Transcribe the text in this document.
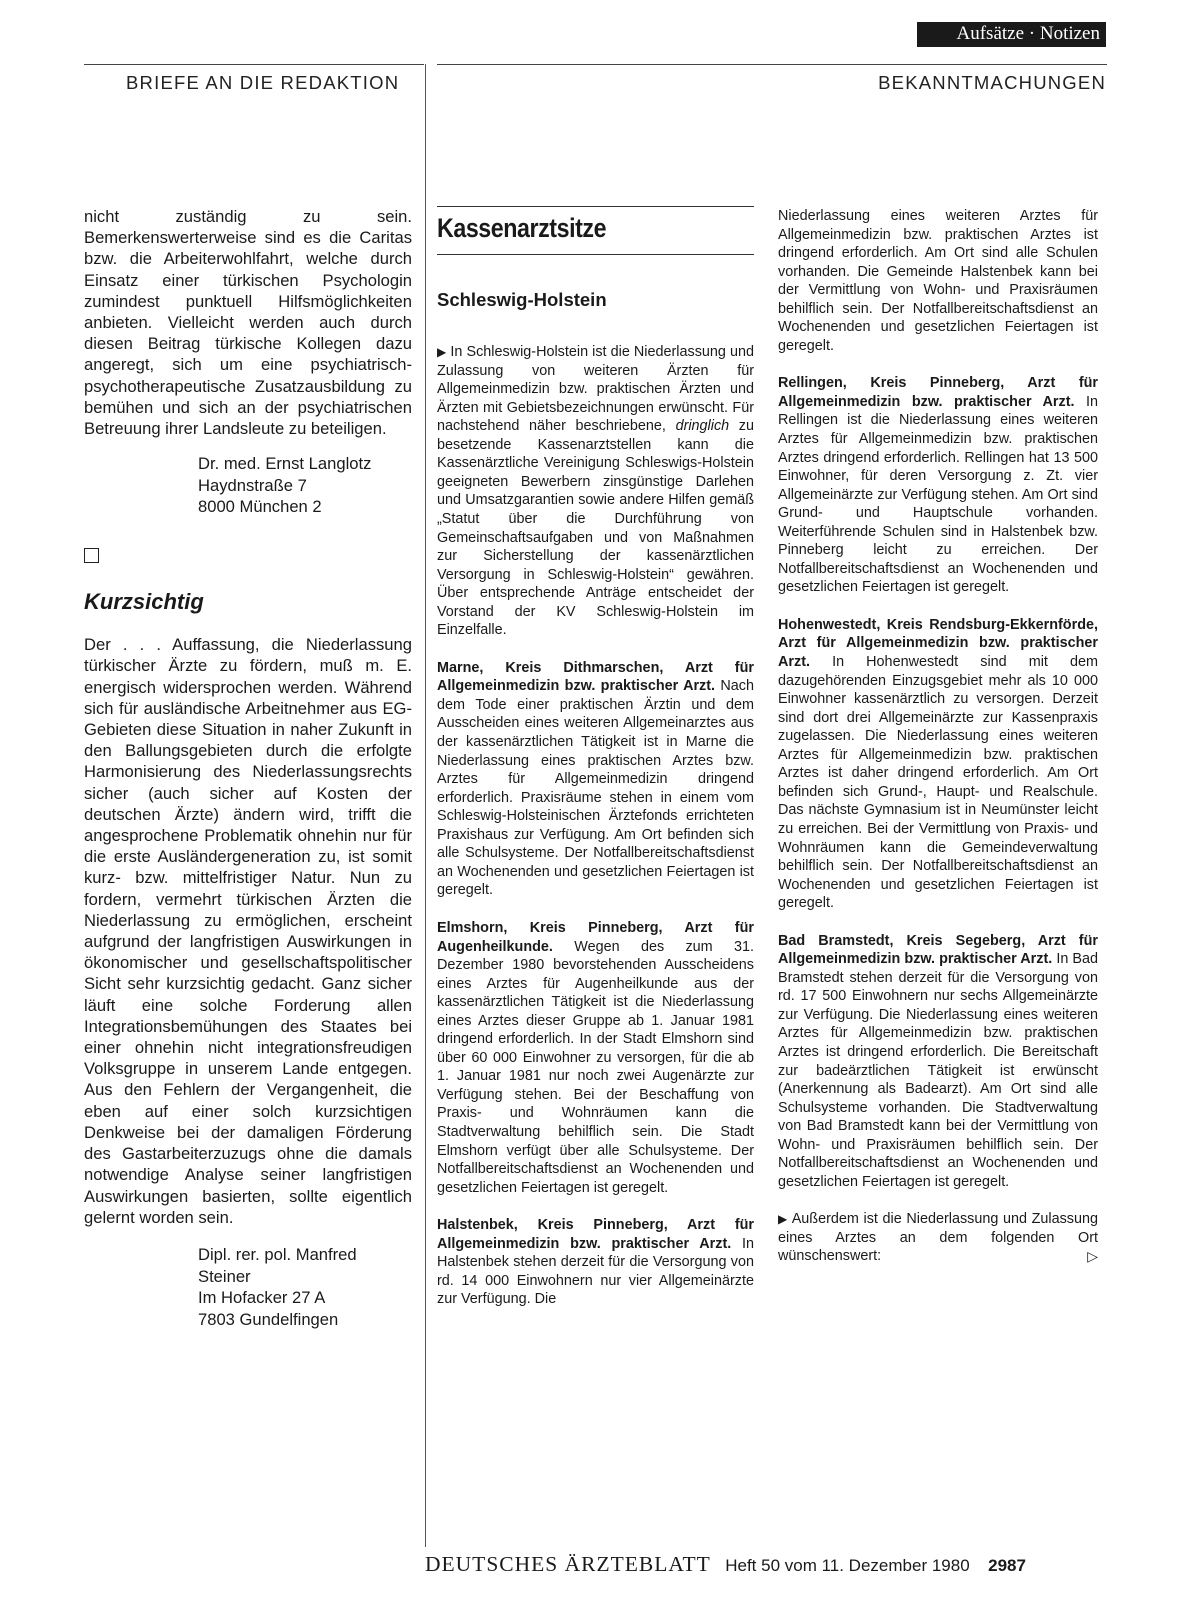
Aufsätze · Notizen
BRIEFE AN DIE REDAKTION	BEKANNTMACHUNGEN

nicht zuständig zu sein. Bemerkenswerterweise sind es die Caritas bzw. die Arbeiterwohlfahrt, welche durch Einsatz einer türkischen Psychologin zumindest punktuell Hilfsmöglichkeiten anbieten. Vielleicht werden auch durch diesen Beitrag türkische Kollegen dazu angeregt, sich um eine psychiatrisch-psychotherapeutische Zusatzausbildung zu bemühen und sich an der psychiatrischen Betreuung ihrer Landsleute zu beteiligen.

Dr. med. Ernst Langlotz
Haydnstraße 7
8000 München 2
Kurzsichtig

Der . . . Auffassung, die Niederlassung türkischer Ärzte zu fördern, muß m. E. energisch widersprochen werden. Während sich für ausländische Arbeitnehmer aus EG-Gebieten diese Situation in naher Zukunft in den Ballungsgebieten durch die erfolgte Harmonisierung des Niederlassungsrechts sicher (auch sicher auf Kosten der deutschen Ärzte) ändern wird, trifft die angesprochene Problematik ohnehin nur für die erste Ausländergeneration zu, ist somit kurz- bzw. mittelfristiger Natur. Nun zu fordern, vermehrt türkischen Ärzten die Niederlassung zu ermöglichen, erscheint aufgrund der langfristigen Auswirkungen in ökonomischer und gesellschaftspolitischer Sicht sehr kurzsichtig gedacht. Ganz sicher läuft eine solche Forderung allen Integrationsbemühungen des Staates bei einer ohnehin nicht integrationsfreudigen Volksgruppe in unserem Lande entgegen. Aus den Fehlern der Vergangenheit, die eben auf einer solch kurzsichtigen Denkweise bei der damaligen Förderung des Gastarbeiterzuzugs ohne die damals notwendige Analyse seiner langfristigen Auswirkungen basierten, sollte eigentlich gelernt worden sein.

Dipl. rer. pol. Manfred Steiner
Im Hofacker 27 A
7803 Gundelfingen
Kassenarztsitze
Schleswig-Holstein

▶ In Schleswig-Holstein ist die Niederlassung und Zulassung von weiteren Ärzten für Allgemeinmedizin bzw. praktischen Ärzten und Ärzten mit Gebietsbezeichnungen erwünscht. Für nachstehend näher beschriebene, dringlich zu besetzende Kassenarztstellen kann die Kassenärztliche Vereinigung Schleswigs-Holstein geeigneten Bewerbern zinsgünstige Darlehen und Umsatzgarantien sowie andere Hilfen gemäß „Statut über die Durchführung von Gemeinschaftsaufgaben und von Maßnahmen zur Sicherstellung der kassenärztlichen Versorgung in Schleswig-Holstein“ gewähren. Über entsprechende Anträge entscheidet der Vorstand der KV Schleswig-Holstein im Einzelfalle.

Marne, Kreis Dithmarschen, Arzt für Allgemeinmedizin bzw. praktischer Arzt. Nach dem Tode einer praktischen Ärztin und dem Ausscheiden eines weiteren Allgemeinarztes aus der kassenärztlichen Tätigkeit ist in Marne die Niederlassung eines praktischen Arztes bzw. Arztes für Allgemeinmedizin dringend erforderlich. Praxisräume stehen in einem vom Schleswig-Holsteinischen Ärztefonds errichteten Praxishaus zur Verfügung. Am Ort befinden sich alle Schulsysteme. Der Notfallbereitschaftsdienst an Wochenenden und gesetzlichen Feiertagen ist geregelt.

Elmshorn, Kreis Pinneberg, Arzt für Augenheilkunde. Wegen des zum 31. Dezember 1980 bevorstehenden Ausscheidens eines Arztes für Augenheilkunde aus der kassenärztlichen Tätigkeit ist die Niederlassung eines Arztes dieser Gruppe ab 1. Januar 1981 dringend erforderlich. In der Stadt Elmshorn sind über 60 000 Einwohner zu versorgen, für die ab 1. Januar 1981 nur noch zwei Augenärzte zur Verfügung stehen. Bei der Beschaffung von Praxis- und Wohnräumen kann die Stadtverwaltung behilflich sein. Die Stadt Elmshorn verfügt über alle Schulsysteme. Der Notfallbereitschaftsdienst an Wochenenden und gesetzlichen Feiertagen ist geregelt.

Halstenbek, Kreis Pinneberg, Arzt für Allgemeinmedizin bzw. praktischer Arzt. In Halstenbek stehen derzeit für die Versorgung von rd. 14 000 Einwohnern nur vier Allgemeinärzte zur Verfügung. Die

Niederlassung eines weiteren Arztes für Allgemeinmedizin bzw. praktischen Arztes ist dringend erforderlich. Am Ort sind alle Schulen vorhanden. Die Gemeinde Halstenbek kann bei der Vermittlung von Wohn- und Praxisräumen behilflich sein. Der Notfallbereitschaftsdienst an Wochenenden und gesetzlichen Feiertagen ist geregelt.

Rellingen, Kreis Pinneberg, Arzt für Allgemeinmedizin bzw. praktischer Arzt. In Rellingen ist die Niederlassung eines weiteren Arztes für Allgemeinmedizin bzw. praktischen Arztes dringend erforderlich. Rellingen hat 13 500 Einwohner, für deren Versorgung z. Zt. vier Allgemeinärzte zur Verfügung stehen. Am Ort sind Grund- und Hauptschule vorhanden. Weiterführende Schulen sind in Halstenbek bzw. Pinneberg leicht zu erreichen. Der Notfallbereitschaftsdienst an Wochenenden und gesetzlichen Feiertagen ist geregelt.

Hohenwestedt, Kreis Rendsburg-Ekkernförde, Arzt für Allgemeinmedizin bzw. praktischer Arzt. In Hohenwestedt sind mit dem dazugehörenden Einzugsgebiet mehr als 10 000 Einwohner kassenärztlich zu versorgen. Derzeit sind dort drei Allgemeinärzte zur Kassenpraxis zugelassen. Die Niederlassung eines weiteren Arztes für Allgemeinmedizin bzw. praktischen Arztes ist daher dringend erforderlich. Am Ort befinden sich Grund-, Haupt- und Realschule. Das nächste Gymnasium ist in Neumünster leicht zu erreichen. Bei der Vermittlung von Praxis- und Wohnräumen kann die Gemeindeverwaltung behilflich sein. Der Notfallbereitschaftsdienst an Wochenenden und gesetzlichen Feiertagen ist geregelt.

Bad Bramstedt, Kreis Segeberg, Arzt für Allgemeinmedizin bzw. praktischer Arzt. In Bad Bramstedt stehen derzeit für die Versorgung von rd. 17 500 Einwohnern nur sechs Allgemeinärzte zur Verfügung. Die Niederlassung eines weiteren Arztes für Allgemeinmedizin bzw. praktischen Arztes ist dringend erforderlich. Die Bereitschaft zur badeärztlichen Tätigkeit ist erwünscht (Anerkennung als Badearzt). Am Ort sind alle Schulsysteme vorhanden. Die Stadtverwaltung von Bad Bramstedt kann bei der Vermittlung von Wohn- und Praxisräumen behilflich sein. Der Notfallbereitschaftsdienst an Wochenenden und gesetzlichen Feiertagen ist geregelt.

▶ Außerdem ist die Niederlassung und Zulassung eines Arztes an dem folgenden Ort wünschenswert:	▷

DEUTSCHES ÄRZTEBLATT Heft 50 vom 11. Dezember 1980 2987
